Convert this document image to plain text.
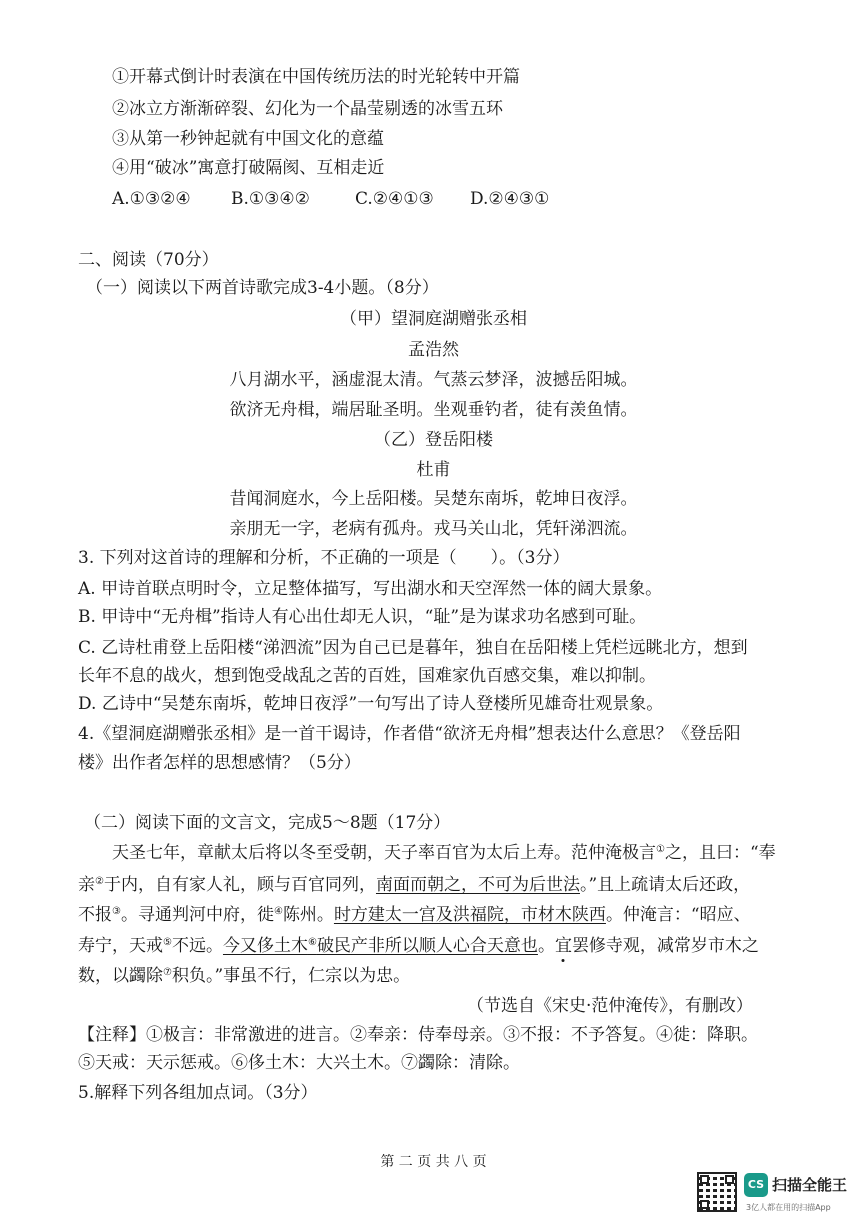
①开幕式倒计时表演在中国传统历法的时光轮转中开篇
②冰立方渐渐碎裂、幻化为一个晶莹剔透的冰雪五环
③从第一秒钟起就有中国文化的意蕴
④用“破冰”寓意打破隔阂、互相走近
A.①③②④ B.①③④②	C.②④①③ D.②④③①
二、阅读（70分）
（一）阅读以下两首诗歌完成3-4小题。（8分）
（甲）望洞庭湖赠张丞相
孟浩然
八月湖水平，涵虚混太清。气蒸云梦泽，波撼岳阳城。
欲济无舟楫，端居耻圣明。坐观垂钓者，徒有羡鱼情。
（乙）登岳阳楼
杜甫
昔闻洞庭水，今上岳阳楼。吴楚东南坼，乾坤日夜浮。
亲朋无一字，老病有孤舟。戎马关山北，凭轩涕泗流。
3. 下列对这首诗的理解和分析，不正确的一项是（　　）。（3分）
A. 甲诗首联点明时令，立足整体描写，写出湖水和天空浑然一体的阔大景象。
B. 甲诗中“无舟楫”指诗人有心出仕却无人识，“耻”是为谋求功名感到可耻。
C. 乙诗杜甫登上岳阳楼“涕泗流”因为自己已是暮年，独自在岳阳楼上凭栏远眺北方，想到
长年不息的战火，想到饱受战乱之苦的百姓，国难家仇百感交集，难以抑制。
D. 乙诗中“吴楚东南坼，乾坤日夜浮”一句写出了诗人登楼所见雄奇壮观景象。
4.《望洞庭湖赠张丞相》是一首干谒诗，作者借“欲济无舟楫”想表达什么意思？《登岳阳
楼》出作者怎样的思想感情？（5分）
（二）阅读下面的文言文，完成5～8题（17分）
天圣七年，章献太后将以冬至受朝，天子率百官为太后上寿。范仲淹极言①之，且曰：“奉
亲②于内，自有家人礼，顾与百官同列，南面而朝之，不可为后世法。”且上疏请太后还政，
不报③。寻通判河中府，徙④陈州。时方建太一宫及洪福院，市材木陕西。仲淹言：“昭应、
寿宁，天戒⑤不远。今又侈土木⑥破民产非所以顺人心合天意也。宜罢修寺观，减常岁市木之
数，以蠲除⑦积负。”事虽不行，仁宗以为忠。
（节选自《宋史·范仲淹传》，有删改）
【注释】①极言：非常激进的进言。②奉亲：侍奉母亲。③不报：不予答复。④徙：降职。
⑤天戒：天示惩戒。⑥侈土木：大兴土木。⑦蠲除：清除。
5.解释下列各组加点词。（3分）
第 二 页 共 八 页
CS 扫描全能王
3亿人都在用的扫描App
